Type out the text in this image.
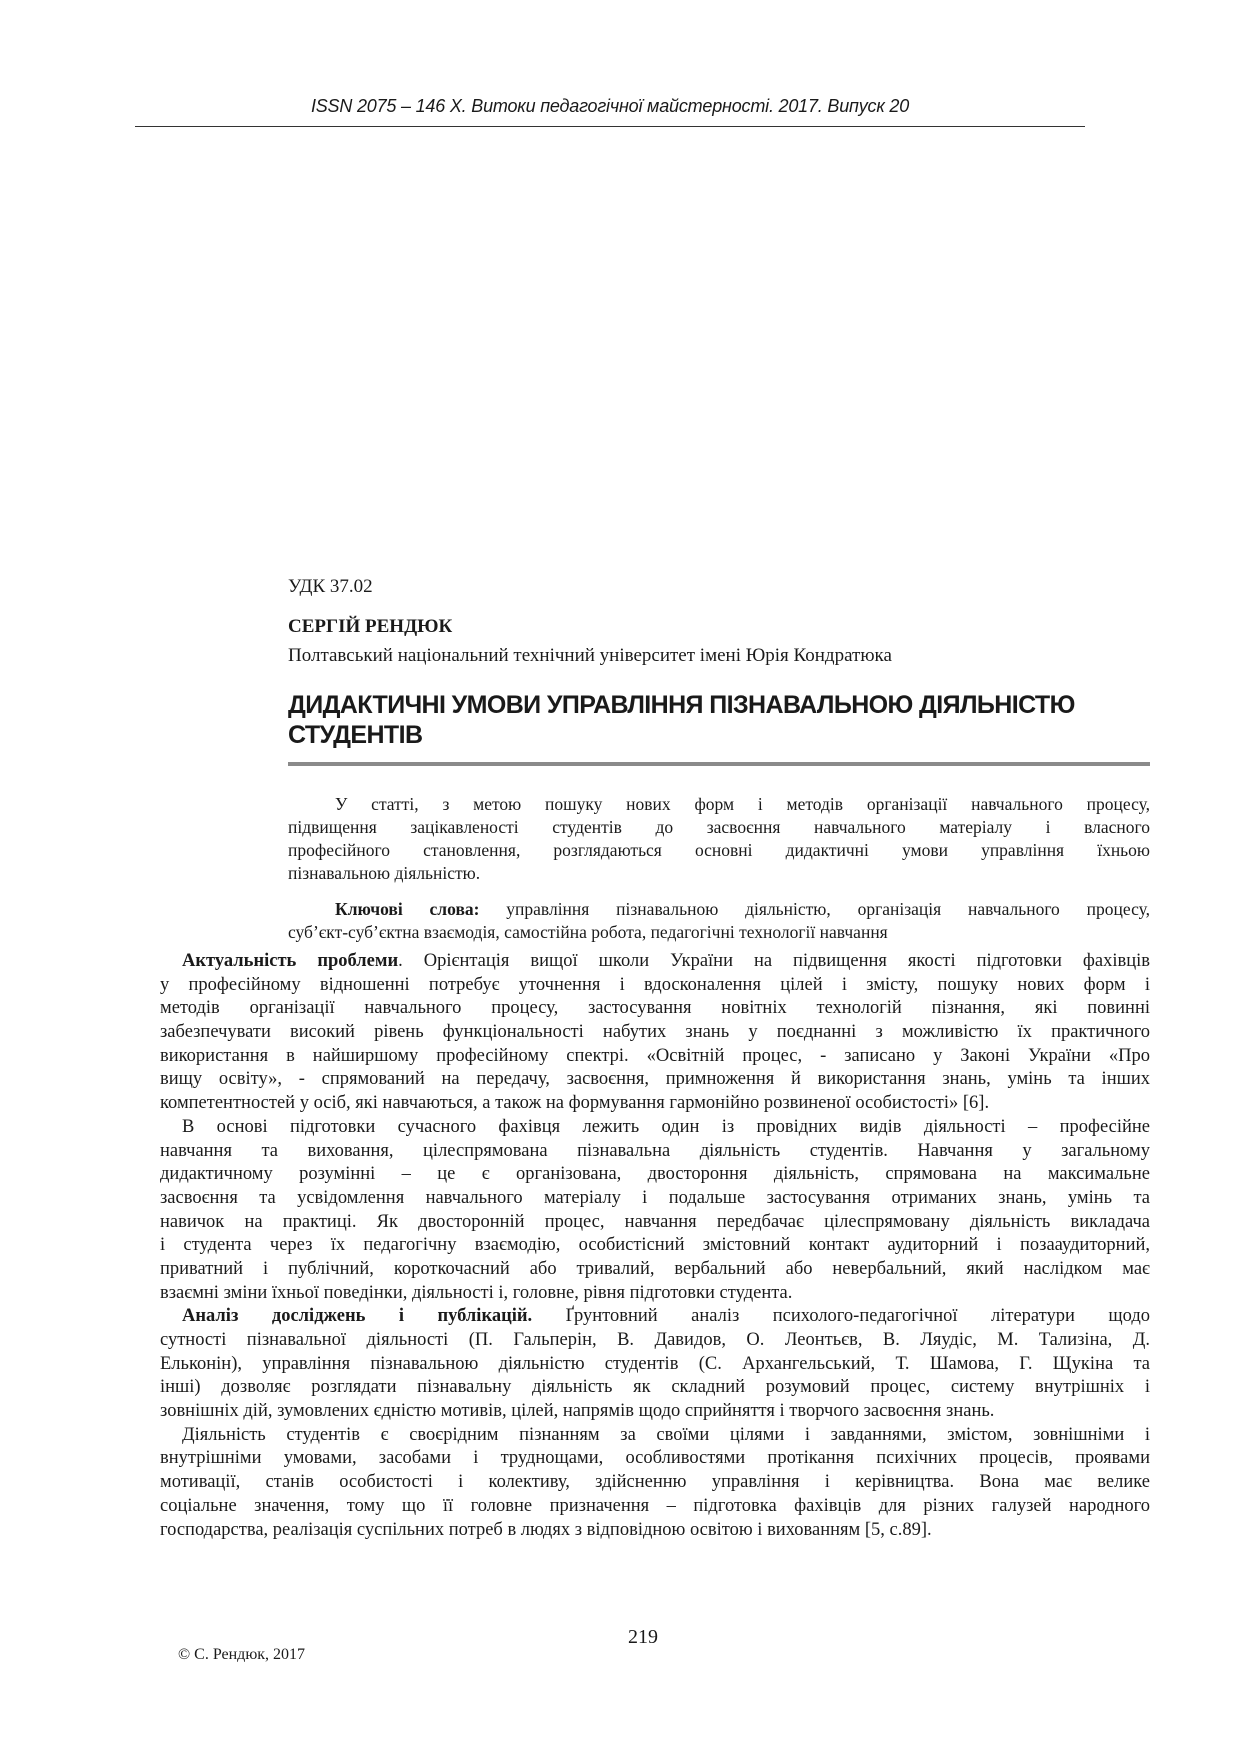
ISSN 2075 – 146 X. Витоки педагогічної майстерності. 2017. Випуск 20
УДК 37.02
СЕРГІЙ РЕНДЮК
Полтавський національний технічний університет імені Юрія Кондратюка
ДИДАКТИЧНІ УМОВИ УПРАВЛІННЯ ПІЗНАВАЛЬНОЮ ДІЯЛЬНІСТЮ
СТУДЕНТІВ
У статті, з метою пошуку нових форм і методів організації навчального процесу,
підвищення зацікавленості студентів до засвоєння навчального матеріалу і власного
професійного становлення, розглядаються основні дидактичні умови управління їхньою
пізнавальною діяльністю.
Ключові слова: управління пізнавальною діяльністю, організація навчального процесу,
суб’єкт-суб’єктна взаємодія, самостійна робота, педагогічні технології навчання
Актуальність проблеми. Орієнтація вищої школи України на підвищення якості підготовки фахівців
у професійному відношенні потребує уточнення і вдосконалення цілей і змісту, пошуку нових форм і
методів організації навчального процесу, застосування новітніх технологій пізнання, які повинні
забезпечувати високий рівень функціональності набутих знань у поєднанні з можливістю їх практичного
використання в найширшому професійному спектрі. «Освітній процес, - записано у Законі України «Про
вищу освіту», - спрямований на передачу, засвоєння, примноження й використання знань, умінь та інших
компетентностей у осіб, які навчаються, а також на формування гармонійно розвиненої особистості» [6].
В основі підготовки сучасного фахівця лежить один із провідних видів діяльності – професійне
навчання та виховання, цілеспрямована пізнавальна діяльність студентів. Навчання у загальному
дидактичному розумінні – це є організована, двостороння діяльність, спрямована на максимальне
засвоєння та усвідомлення навчального матеріалу і подальше застосування отриманих знань, умінь та
навичок на практиці. Як двосторонній процес, навчання передбачає цілеспрямовану діяльність викладача
і студента через їх педагогічну взаємодію, особистісний змістовний контакт аудиторний і позааудиторний,
приватний і публічний, короткочасний або тривалий, вербальний або невербальний, який наслідком має
взаємні зміни їхньої поведінки, діяльності і, головне, рівня підготовки студента.
Аналіз досліджень і публікацій. Ґрунтовний аналіз психолого-педагогічної літератури щодо
сутності пізнавальної діяльності (П. Гальперін, В. Давидов, О. Леонтьєв, В. Ляудіс, М. Тализіна, Д.
Ельконін), управління пізнавальною діяльністю студентів (С. Архангельський, Т. Шамова, Г. Щукіна та
інші) дозволяє розглядати пізнавальну діяльність як складний розумовий процес, систему внутрішніх і
зовнішніх дій, зумовлених єдністю мотивів, цілей, напрямів щодо сприйняття і творчого засвоєння знань.
Діяльність студентів є своєрідним пізнанням за своїми цілями і завданнями, змістом, зовнішніми і
внутрішніми умовами, засобами і труднощами, особливостями протікання психічних процесів, проявами
мотивації, станів особистості і колективу, здійсненню управління і керівництва. Вона має велике
соціальне значення, тому що її головне призначення – підготовка фахівців для різних галузей народного
господарства, реалізація суспільних потреб в людях з відповідною освітою і вихованням [5, с.89].
219
© С. Рендюк, 2017
